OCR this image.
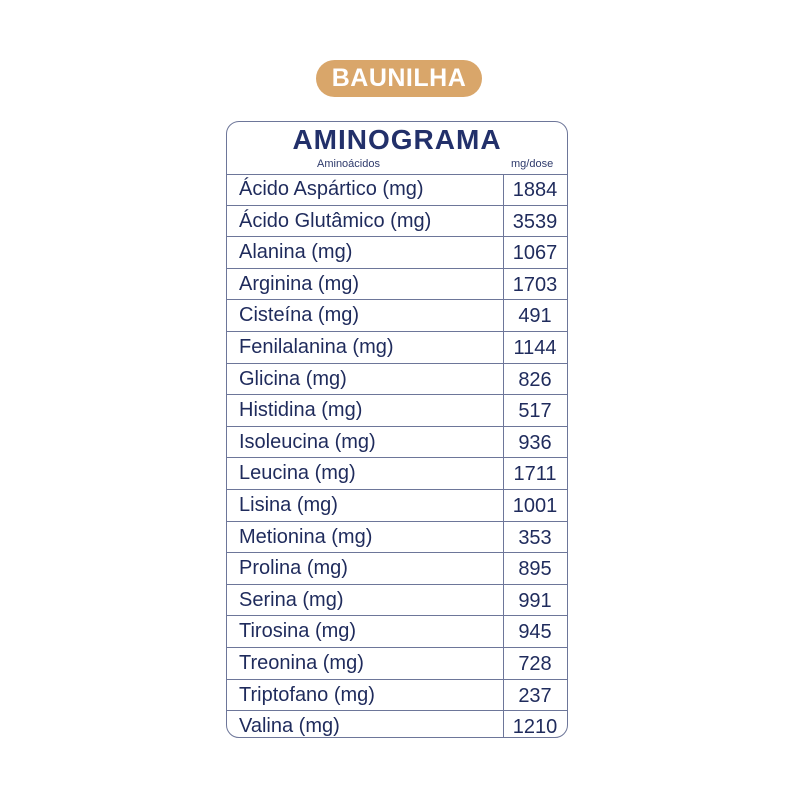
BAUNILHA
AMINOGRAMA
Aminoácidos	mg/dose
Ácido Aspártico (mg)	1884
Ácido Glutâmico (mg)	3539
Alanina (mg)	1067
Arginina (mg)	1703
Cisteína (mg)	491
Fenilalanina (mg)	1144
Glicina (mg)	826
Histidina (mg)	517
Isoleucina (mg)	936
Leucina (mg)	1711
Lisina (mg)	1001
Metionina (mg)	353
Prolina (mg)	895
Serina (mg)	991
Tirosina (mg)	945
Treonina (mg)	728
Triptofano (mg)	237
Valina (mg)	1210
